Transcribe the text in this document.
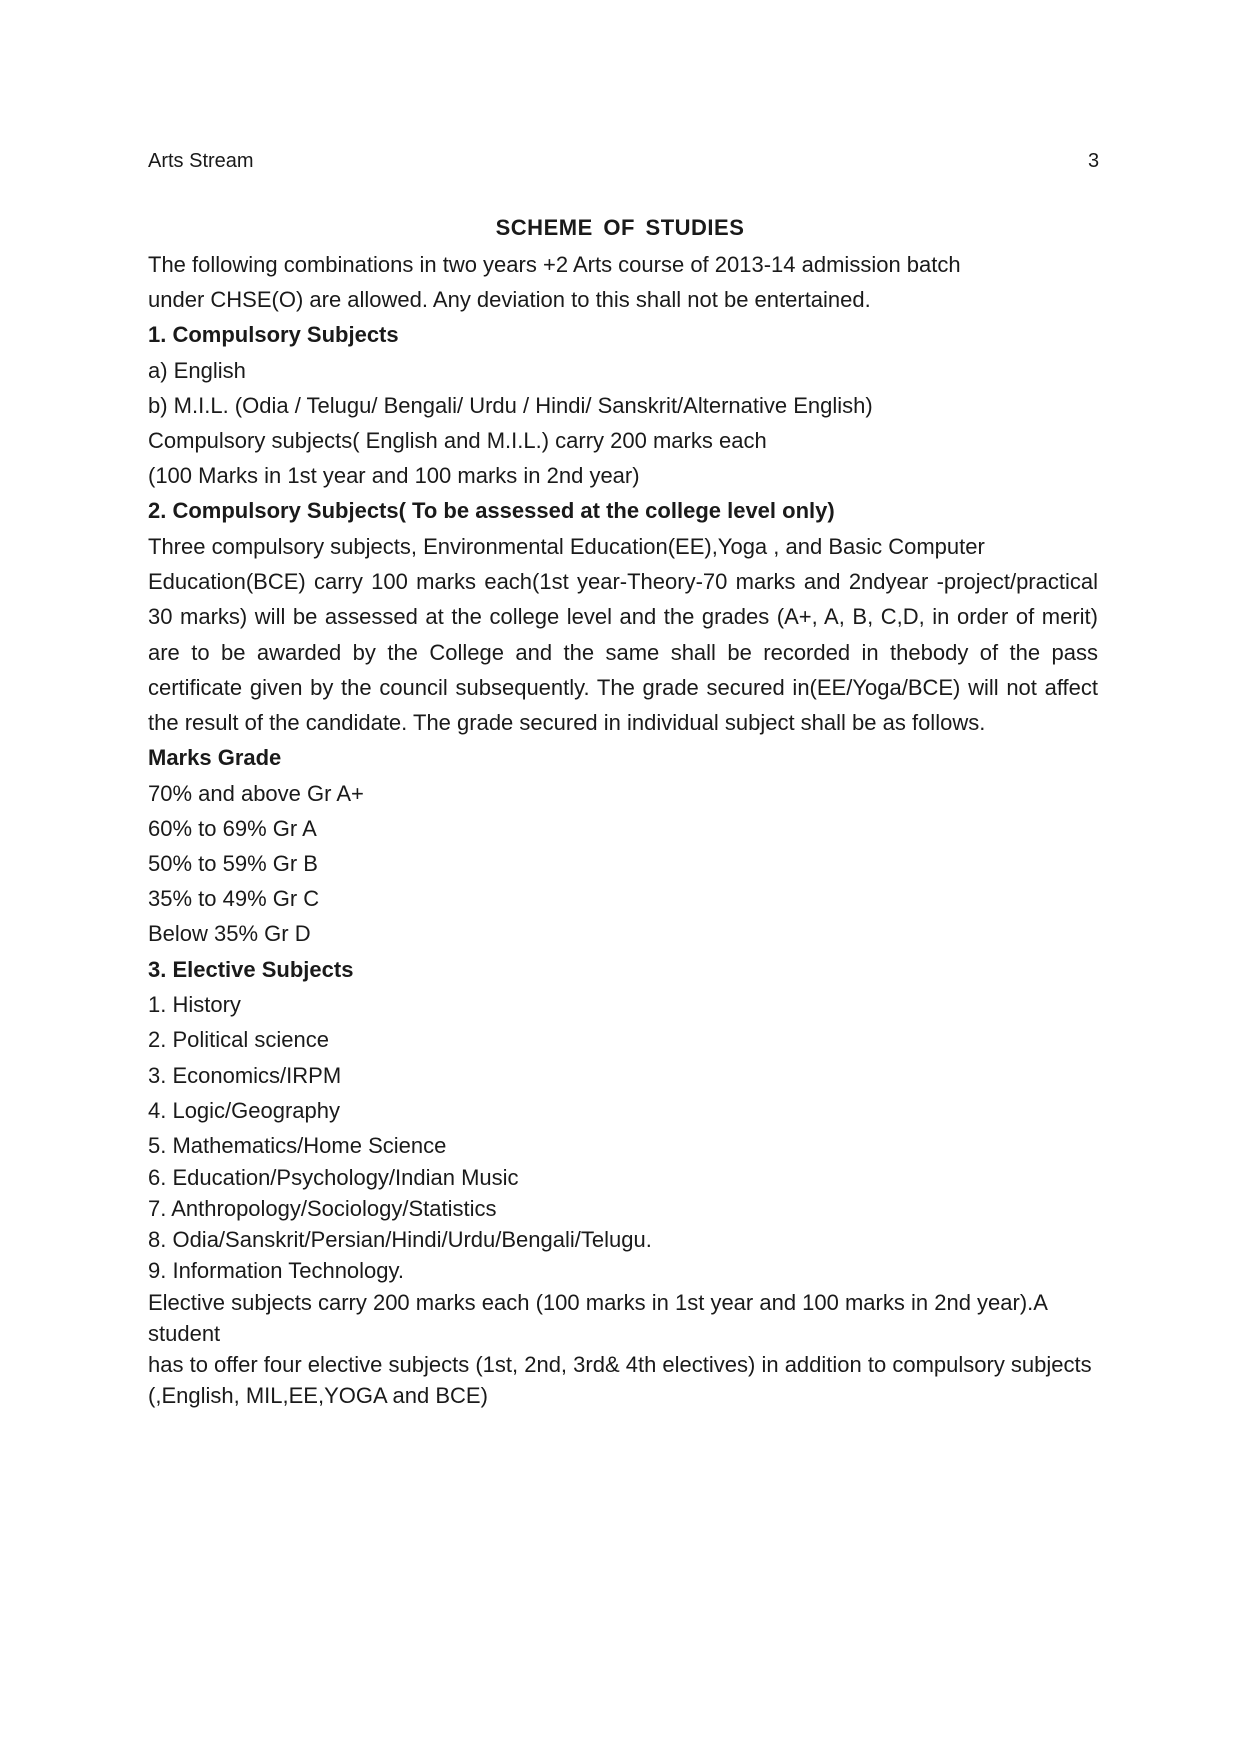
Arts Stream	3
SCHEME OF STUDIES
The following combinations in two years +2 Arts course of 2013-14 admission batch
under CHSE(O) are allowed. Any deviation to this shall not be entertained.
1. Compulsory Subjects
a) English
b) M.I.L. (Odia / Telugu/ Bengali/ Urdu / Hindi/ Sanskrit/Alternative English)
Compulsory subjects( English and M.I.L.) carry 200 marks each
(100 Marks in 1st year and 100 marks in 2nd year)
2. Compulsory Subjects( To be assessed at the college level only)
Three compulsory subjects, Environmental Education(EE),Yoga , and Basic Computer
Education(BCE) carry 100 marks each(1st year-Theory-70 marks and 2ndyear -project/practical
30 marks) will be assessed at the college level and the grades (A+, A, B, C,D, in order of merit)
are to be awarded by the College and the same shall be recorded in thebody of the pass
certificate given by the council subsequently. The grade secured in(EE/Yoga/BCE) will not affect
the result of the candidate. The grade secured in individual subject shall be as follows.
Marks Grade
70% and above Gr A+
60% to 69% Gr A
50% to 59% Gr B
35% to 49% Gr C
Below 35% Gr D
3. Elective Subjects
1. History
2. Political science
3. Economics/IRPM
4. Logic/Geography
5. Mathematics/Home Science
6. Education/Psychology/Indian Music
7. Anthropology/Sociology/Statistics
8. Odia/Sanskrit/Persian/Hindi/Urdu/Bengali/Telugu.
9. Information Technology.
Elective subjects carry 200 marks each (100 marks in 1st year and 100 marks in 2nd year).A
student
has to offer four elective subjects (1st, 2nd, 3rd& 4th electives) in addition to compulsory subjects
(,English, MIL,EE,YOGA and BCE)
